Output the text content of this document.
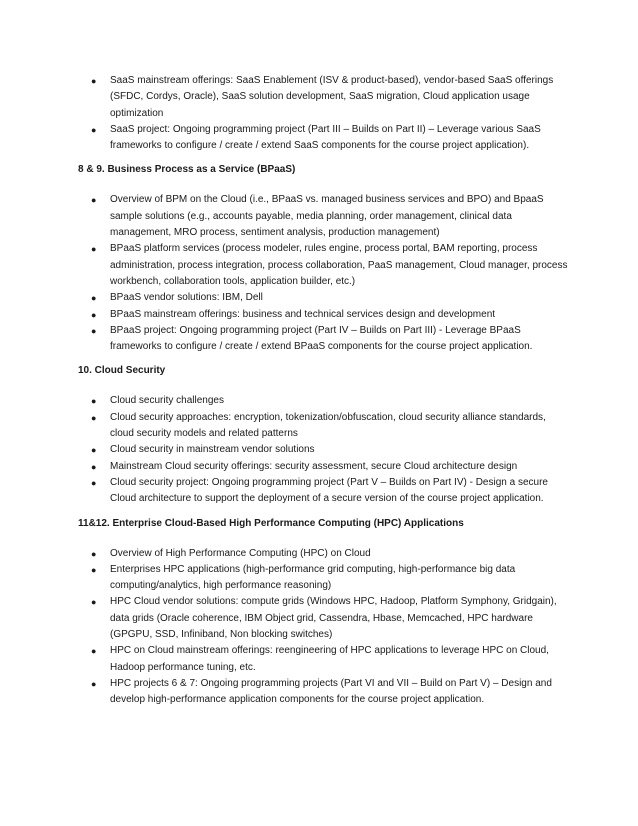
● SaaS mainstream offerings: SaaS Enablement (ISV & product-based), vendor-based SaaS offerings (SFDC, Cordys, Oracle), SaaS solution development, SaaS migration, Cloud application usage optimization
● SaaS project: Ongoing programming project (Part III – Builds on Part II) – Leverage various SaaS frameworks to configure / create / extend SaaS components for the course project application).
8 & 9. Business Process as a Service (BPaaS)
● Overview of BPM on the Cloud (i.e., BPaaS vs. managed business services and BPO) and BpaaS sample solutions (e.g., accounts payable, media planning, order management, clinical data management, MRO process, sentiment analysis, production management)
● BPaaS platform services (process modeler, rules engine, process portal, BAM reporting, process administration, process integration, process collaboration, PaaS management, Cloud manager, process workbench, collaboration tools, application builder, etc.)
● BPaaS vendor solutions: IBM, Dell
● BPaaS mainstream offerings: business and technical services design and development
● BPaaS project: Ongoing programming project (Part IV – Builds on Part III) - Leverage BPaaS frameworks to configure / create / extend BPaaS components for the course project application.
10. Cloud Security
● Cloud security challenges
● Cloud security approaches: encryption, tokenization/obfuscation, cloud security alliance standards, cloud security models and related patterns
● Cloud security in mainstream vendor solutions
● Mainstream Cloud security offerings: security assessment, secure Cloud architecture design
● Cloud security project: Ongoing programming project (Part V – Builds on Part IV) - Design a secure Cloud architecture to support the deployment of a secure version of the course project application.
11&12. Enterprise Cloud-Based High Performance Computing (HPC) Applications
● Overview of High Performance Computing (HPC) on Cloud
● Enterprises HPC applications (high-performance grid computing, high-performance big data computing/analytics, high performance reasoning)
● HPC Cloud vendor solutions: compute grids (Windows HPC, Hadoop, Platform Symphony, Gridgain), data grids (Oracle coherence, IBM Object grid, Cassendra, Hbase, Memcached, HPC hardware (GPGPU, SSD, Infiniband, Non blocking switches)
● HPC on Cloud mainstream offerings: reengineering of HPC applications to leverage HPC on Cloud, Hadoop performance tuning, etc.
● HPC projects 6 & 7: Ongoing programming projects (Part VI and VII – Build on Part V) – Design and develop high-performance application components for the course project application.
